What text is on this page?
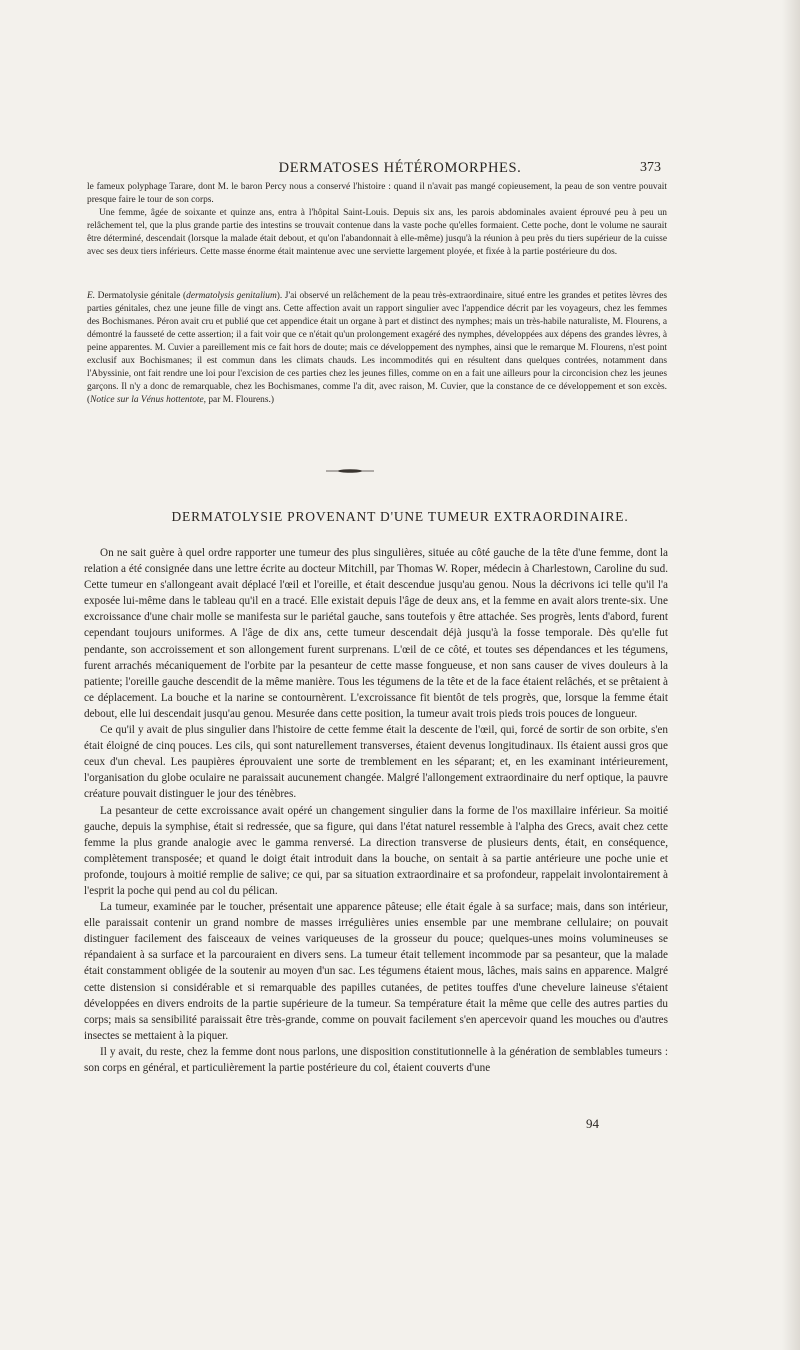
DERMATOSES HÉTÉROMORPHES.	373

le fameux polyphage Tarare, dont M. le baron Percy nous a conservé l'histoire : quand il n'avait pas mangé copieusement, la peau de son ventre pouvait presque faire le tour de son corps.

Une femme, âgée de soixante et quinze ans, entra à l'hôpital Saint-Louis. Depuis six ans, les parois abdominales avaient éprouvé peu à peu un relâchement tel, que la plus grande partie des intestins se trouvait contenue dans la vaste poche qu'elles formaient. Cette poche, dont le volume ne saurait être déterminé, descendait (lorsque la malade était debout, et qu'on l'abandonnait à elle-même) jusqu'à la réunion à peu près du tiers supérieur de la cuisse avec ses deux tiers inférieurs. Cette masse énorme était maintenue avec une serviette largement ployée, et fixée à la partie postérieure du dos.

E. Dermatolysie génitale (dermatolysis genitalium). J'ai observé un relâchement de la peau très-extraordinaire, situé entre les grandes et petites lèvres des parties génitales, chez une jeune fille de vingt ans. Cette affection avait un rapport singulier avec l'appendice décrit par les voyageurs, chez les femmes des Bochismanes. Péron avait cru et publié que cet appendice était un organe à part et distinct des nymphes; mais un très-habile naturaliste, M. Flourens, a démontré la fausseté de cette assertion; il a fait voir que ce n'était qu'un prolongement exagéré des nymphes, développées aux dépens des grandes lèvres, à peine apparentes. M. Cuvier a pareillement mis ce fait hors de doute; mais ce développement des nymphes, ainsi que le remarque M. Flourens, n'est point exclusif aux Bochismanes; il est commun dans les climats chauds. Les incommodités qui en résultent dans quelques contrées, notamment dans l'Abyssinie, ont fait rendre une loi pour l'excision de ces parties chez les jeunes filles, comme on en a fait une ailleurs pour la circoncision chez les jeunes garçons. Il n'y a donc de remarquable, chez les Bochismanes, comme l'a dit, avec raison, M. Cuvier, que la constance de ce développement et son excès. (Notice sur la Vénus hottentote, par M. Flourens.)

DERMATOLYSIE PROVENANT D'UNE TUMEUR EXTRAORDINAIRE.

On ne sait guère à quel ordre rapporter une tumeur des plus singulières, située au côté gauche de la tête d'une femme, dont la relation a été consignée dans une lettre écrite au docteur Mitchill, par Thomas W. Roper, médecin à Charlestown, Caroline du sud. Cette tumeur en s'allongeant avait déplacé l'œil et l'oreille, et était descendue jusqu'au genou. Nous la décrivons ici telle qu'il l'a exposée lui-même dans le tableau qu'il en a tracé. Elle existait depuis l'âge de deux ans, et la femme en avait alors trente-six. Une excroissance d'une chair molle se manifesta sur le pariétal gauche, sans toutefois y être attachée. Ses progrès, lents d'abord, furent cependant toujours uniformes. A l'âge de dix ans, cette tumeur descendait déjà jusqu'à la fosse temporale. Dès qu'elle fut pendante, son accroissement et son allongement furent surprenans. L'œil de ce côté, et toutes ses dépendances et les tégumens, furent arrachés mécaniquement de l'orbite par la pesanteur de cette masse fongueuse, et non sans causer de vives douleurs à la patiente; l'oreille gauche descendit de la même manière. Tous les tégumens de la tête et de la face étaient relâchés, et se prêtaient à ce déplacement. La bouche et la narine se contournèrent. L'excroissance fit bientôt de tels progrès, que, lorsque la femme était debout, elle lui descendait jusqu'au genou. Mesurée dans cette position, la tumeur avait trois pieds trois pouces de longueur.

Ce qu'il y avait de plus singulier dans l'histoire de cette femme était la descente de l'œil, qui, forcé de sortir de son orbite, s'en était éloigné de cinq pouces. Les cils, qui sont naturellement transverses, étaient devenus longitudinaux. Ils étaient aussi gros que ceux d'un cheval. Les paupières éprouvaient une sorte de tremblement en les séparant; et, en les examinant intérieurement, l'organisation du globe oculaire ne paraissait aucunement changée. Malgré l'allongement extraordinaire du nerf optique, la pauvre créature pouvait distinguer le jour des ténèbres.

La pesanteur de cette excroissance avait opéré un changement singulier dans la forme de l'os maxillaire inférieur. Sa moitié gauche, depuis la symphise, était si redressée, que sa figure, qui dans l'état naturel ressemble à l'alpha des Grecs, avait chez cette femme la plus grande analogie avec le gamma renversé. La direction transverse de plusieurs dents, était, en conséquence, complètement transposée; et quand le doigt était introduit dans la bouche, on sentait à sa partie antérieure une poche unie et profonde, toujours à moitié remplie de salive; ce qui, par sa situation extraordinaire et sa profondeur, rappelait involontairement à l'esprit la poche qui pend au col du pélican.

La tumeur, examinée par le toucher, présentait une apparence pâteuse; elle était égale à sa surface; mais, dans son intérieur, elle paraissait contenir un grand nombre de masses irrégulières unies ensemble par une membrane cellulaire; on pouvait distinguer facilement des faisceaux de veines variqueuses de la grosseur du pouce; quelques-unes moins volumineuses se répandaient à sa surface et la parcouraient en divers sens. La tumeur était tellement incommode par sa pesanteur, que la malade était constamment obligée de la soutenir au moyen d'un sac. Les tégumens étaient mous, lâches, mais sains en apparence. Malgré cette distension si considérable et si remarquable des papilles cutanées, de petites touffes d'une chevelure laineuse s'étaient développées en divers endroits de la partie supérieure de la tumeur. Sa température était la même que celle des autres parties du corps; mais sa sensibilité paraissait être très-grande, comme on pouvait facilement s'en apercevoir quand les mouches ou d'autres insectes se mettaient à la piquer.

Il y avait, du reste, chez la femme dont nous parlons, une disposition constitutionnelle à la génération de semblables tumeurs : son corps en général, et particulièrement la partie postérieure du col, étaient couverts d'une

94
